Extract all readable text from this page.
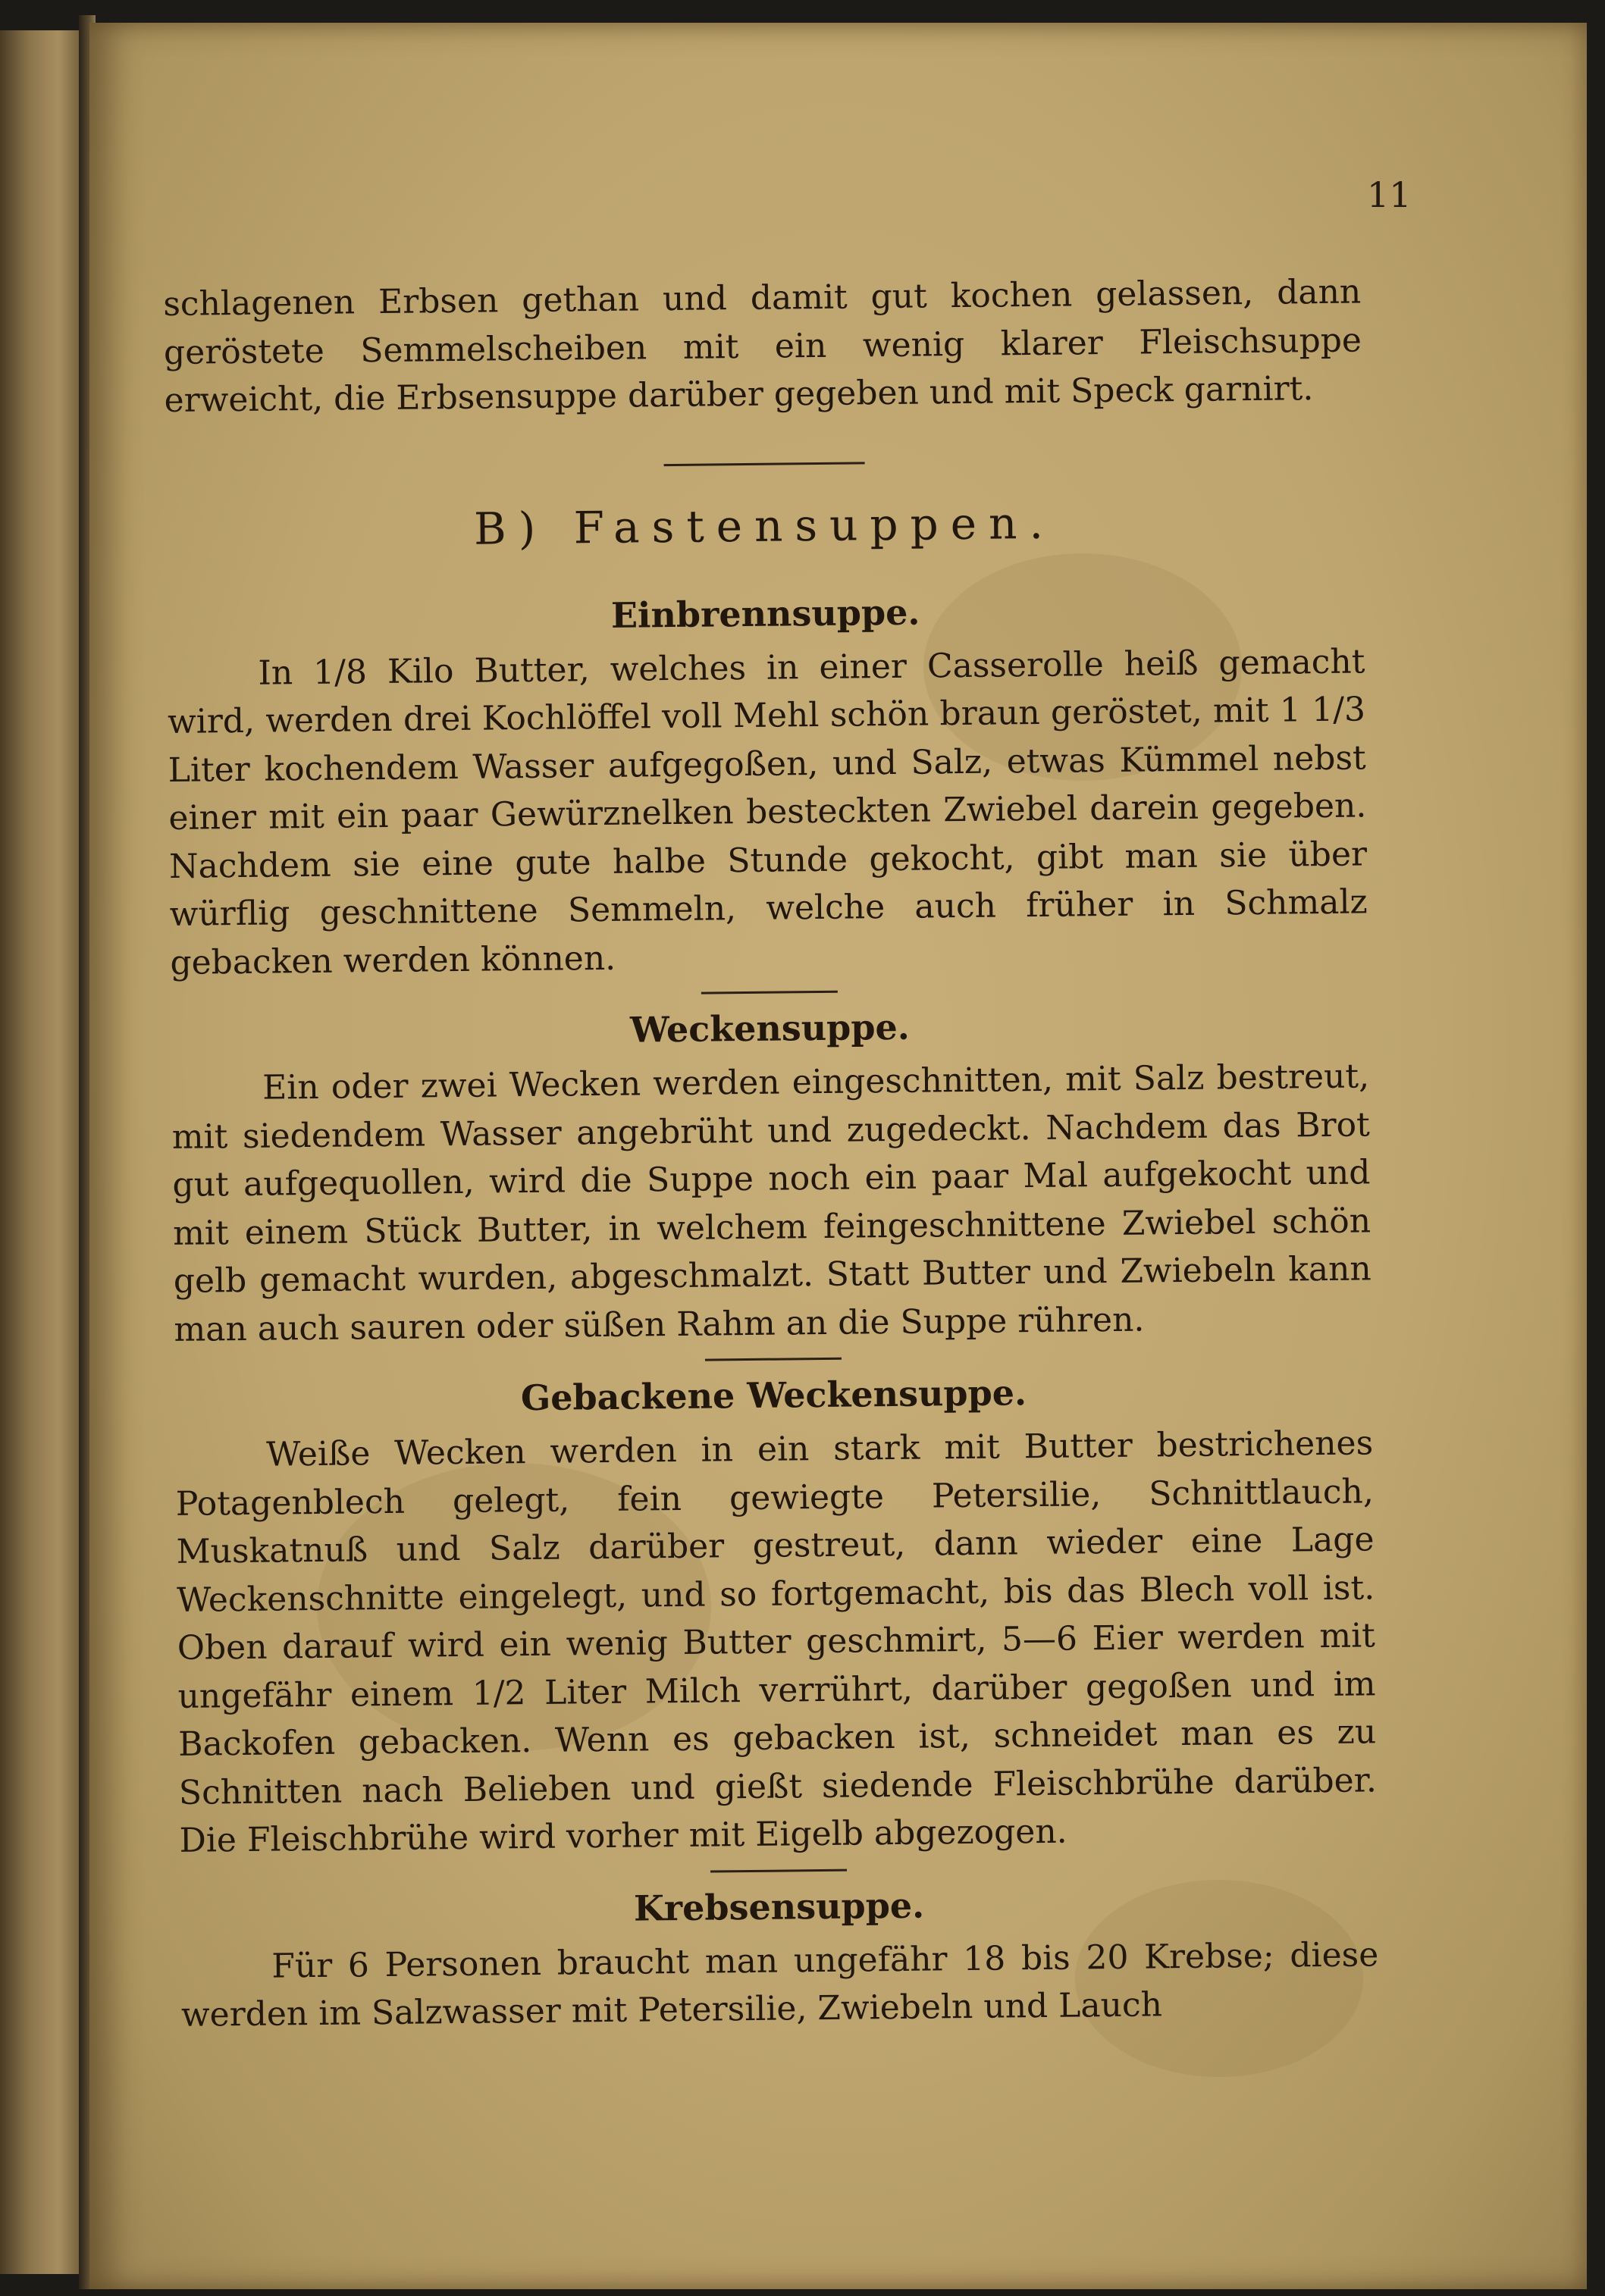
11

schlagenen Erbsen gethan und damit gut kochen gelassen, dann geröstete Semmelscheiben mit ein wenig klarer Fleischsuppe erweicht, die Erbsensuppe darüber gegeben und mit Speck garnirt.

B) Fastensuppen.
Einbrennsuppe.

In 1/8 Kilo Butter, welches in einer Casserolle heiß gemacht wird, werden drei Kochlöffel voll Mehl schön braun geröstet, mit 1 1/3 Liter kochendem Wasser aufgegoßen, und Salz, etwas Kümmel nebst einer mit ein paar Gewürznelken besteckten Zwiebel darein gegeben. Nachdem sie eine gute halbe Stunde gekocht, gibt man sie über würflig geschnittene Semmeln, welche auch früher in Schmalz gebacken werden können.

Weckensuppe.

Ein oder zwei Wecken werden eingeschnitten, mit Salz bestreut, mit siedendem Wasser angebrüht und zugedeckt. Nachdem das Brot gut aufgequollen, wird die Suppe noch ein paar Mal aufgekocht und mit einem Stück Butter, in welchem feingeschnittene Zwiebel schön gelb gemacht wurden, abgeschmalzt. Statt Butter und Zwiebeln kann man auch sauren oder süßen Rahm an die Suppe rühren.

Gebackene Weckensuppe.

Weiße Wecken werden in ein stark mit Butter bestrichenes Potagenblech gelegt, fein gewiegte Petersilie, Schnittlauch, Muskatnuß und Salz darüber gestreut, dann wieder eine Lage Weckenschnitte eingelegt, und so fortgemacht, bis das Blech voll ist. Oben darauf wird ein wenig Butter geschmirt, 5—6 Eier werden mit ungefähr einem 1/2 Liter Milch verrührt, darüber gegoßen und im Backofen gebacken. Wenn es gebacken ist, schneidet man es zu Schnitten nach Belieben und gießt siedende Fleischbrühe darüber. Die Fleischbrühe wird vorher mit Eigelb abgezogen.

Krebsensuppe.

Für 6 Personen braucht man ungefähr 18 bis 20 Krebse; diese werden im Salzwasser mit Petersilie, Zwiebeln und Lauch
